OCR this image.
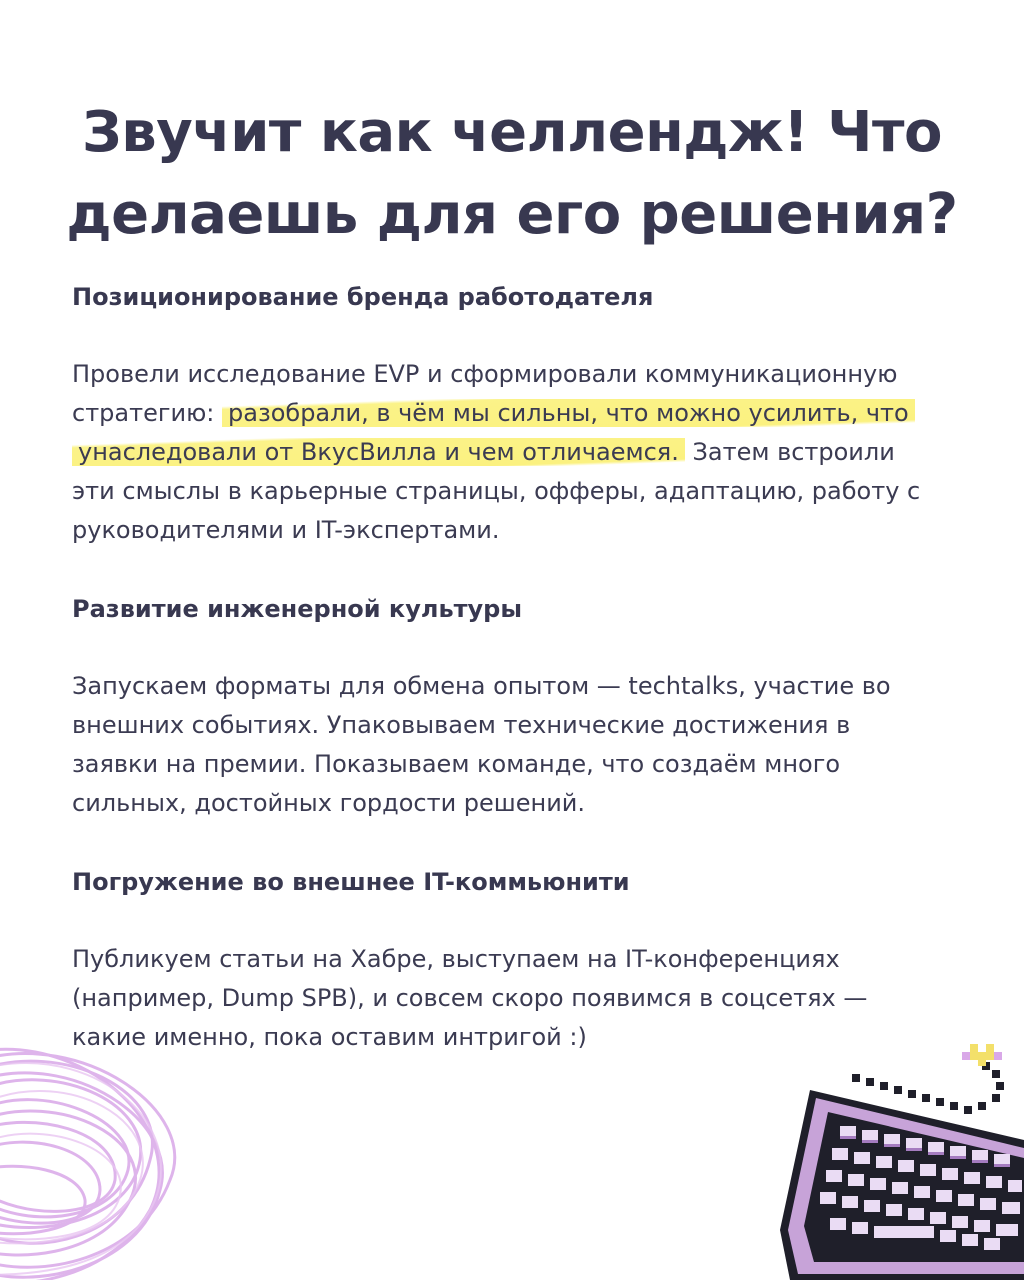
Звучит как челлендж! Что делаешь для его решения?
Позиционирование бренда работодателя

Провели исследование EVP и сформировали коммуникационную стратегию: разобрали, в чём мы сильны, что можно усилить, что унаследовали от ВкусВилла и чем отличаемся. Затем встроили эти смыслы в карьерные страницы, офферы, адаптацию, работу с руководителями и IT-экспертами.

Развитие инженерной культуры

Запускаем форматы для обмена опытом — techtalks, участие во внешних событиях. Упаковываем технические достижения в заявки на премии. Показываем команде, что создаём много сильных, достойных гордости решений.

Погружение во внешнее IT-коммьюнити

Публикуем статьи на Хабре, выступаем на IT-конференциях (например, Dump SPB), и совсем скоро появимся в соцсетях — какие именно, пока оставим интригой :)
